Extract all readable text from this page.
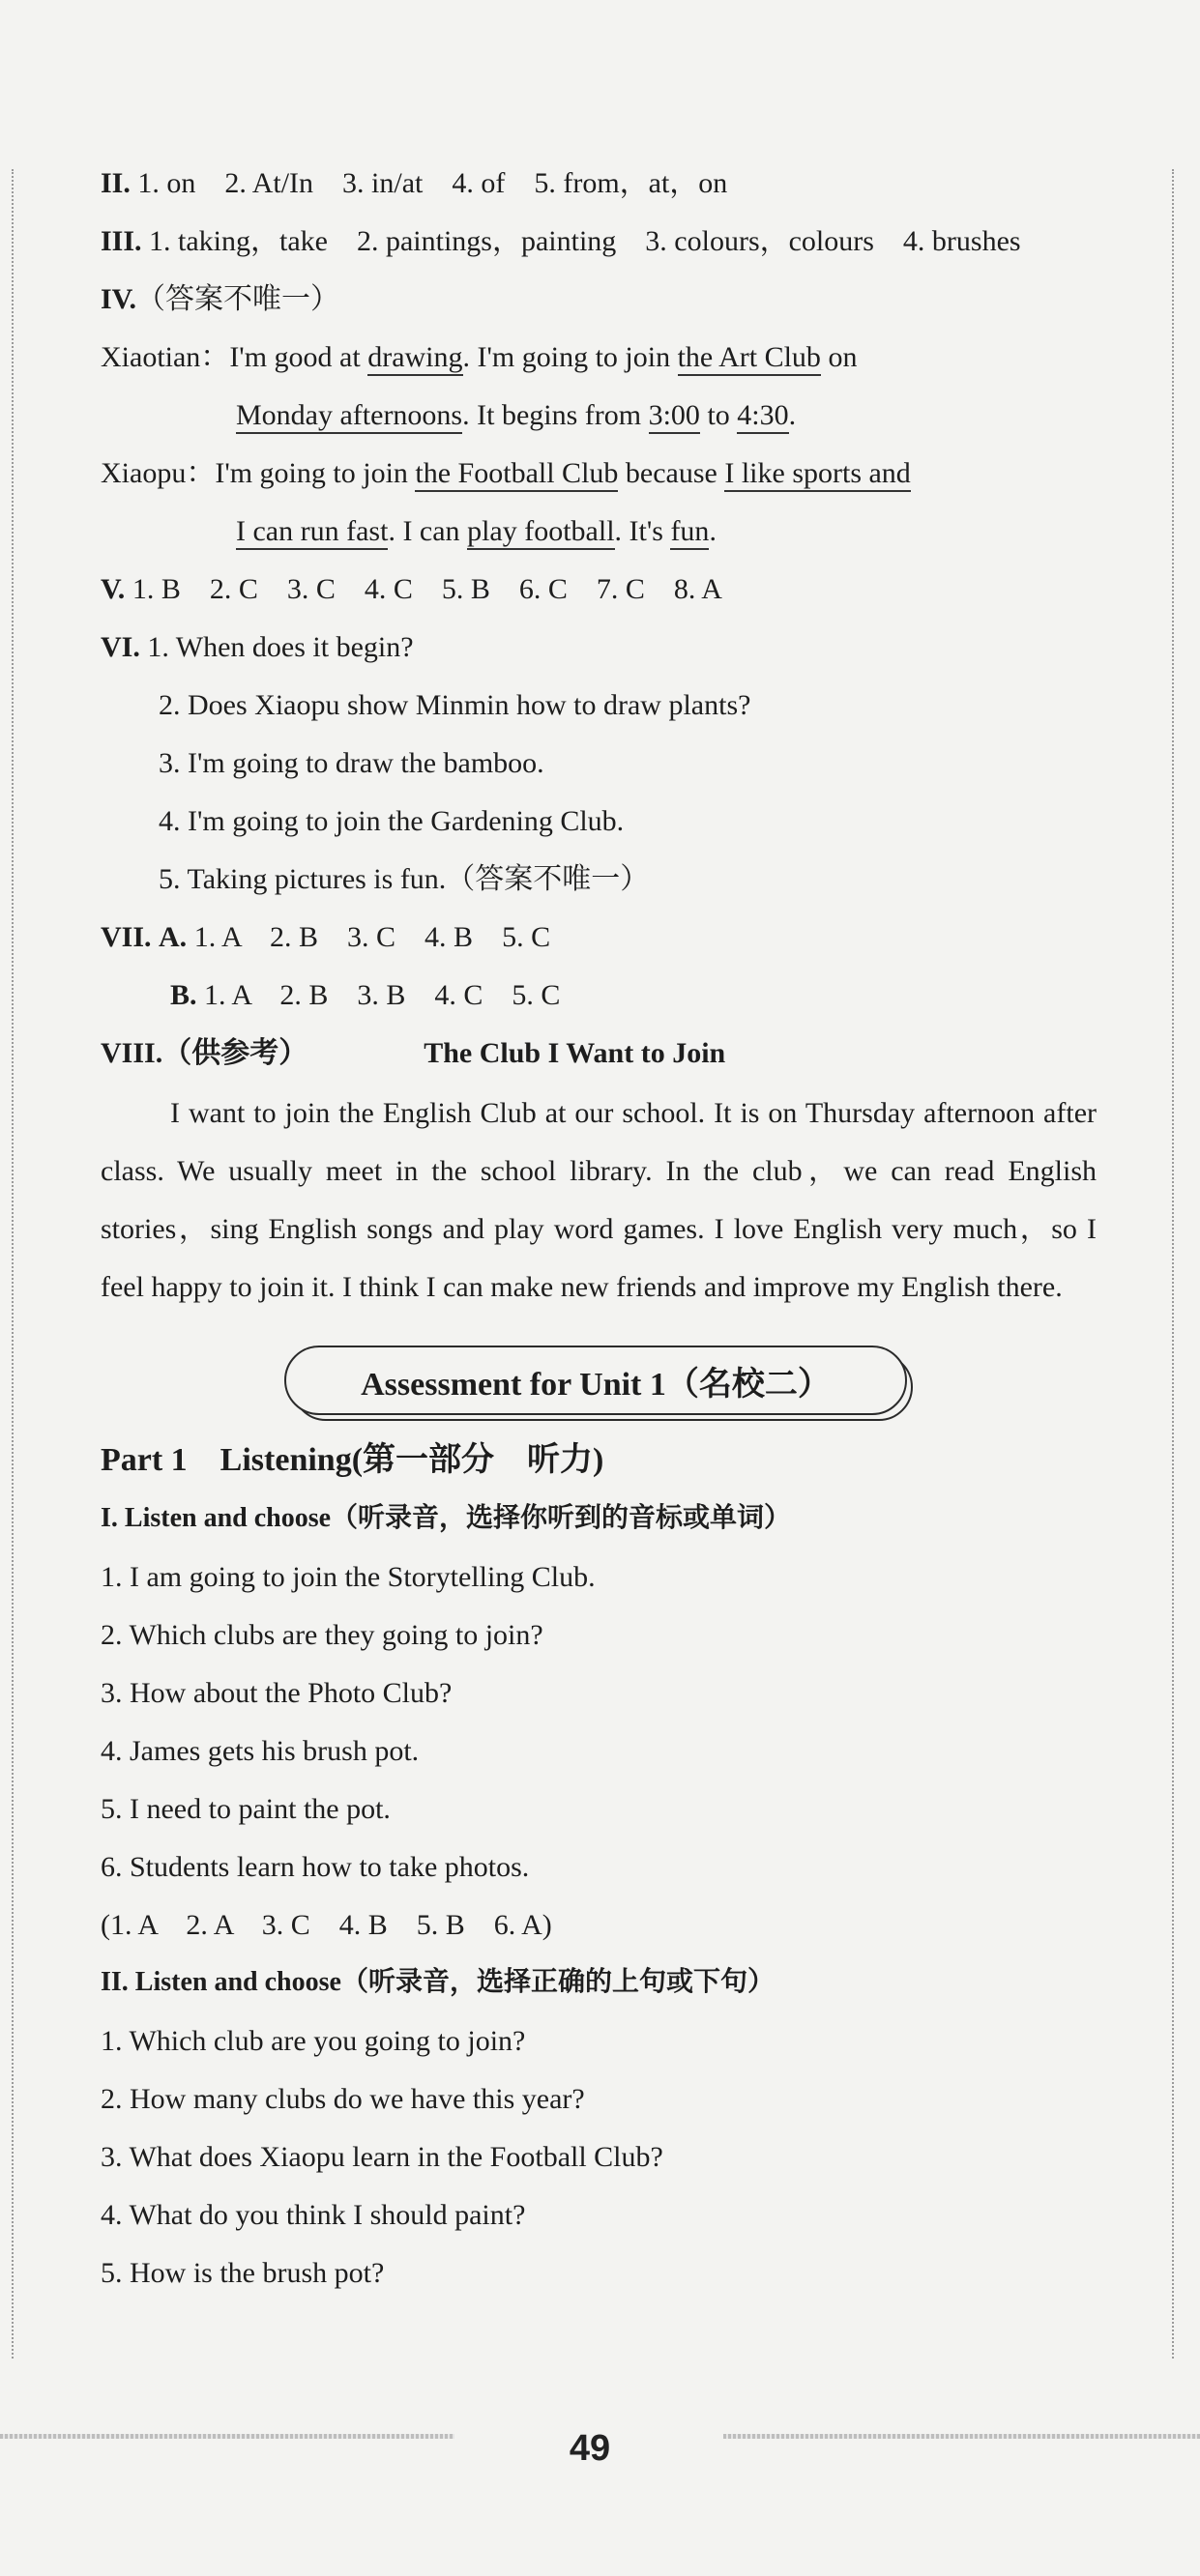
II. 1. on　2. At/In　3. in/at　4. of　5. from，at，on
III. 1. taking，take　2. paintings，painting　3. colours，colours　4. brushes
IV.（答案不唯一）
Xiaotian：I'm good at drawing. I'm going to join the Art Club on
Monday afternoons. It begins from 3:00 to 4:30.
Xiaopu：I'm going to join the Football Club because I like sports and
I can run fast. I can play football. It's fun.
V. 1. B　2. C　3. C　4. C　5. B　6. C　7. C　8. A
VI. 1. When does it begin?
2. Does Xiaopu show Minmin how to draw plants?
3. I'm going to draw the bamboo.
4. I'm going to join the Gardening Club.
5. Taking pictures is fun.（答案不唯一）
VII. A. 1. A　2. B　3. C　4. B　5. C
B. 1. A　2. B　3. B　4. C　5. C
VIII.（供参考）	The Club I Want to Join

I want to join the English Club at our school. It is on Thursday afternoon after class. We usually meet in the school library. In the club，we can read English stories，sing English songs and play word games. I love English very much，so I feel happy to join it. I think I can make new friends and improve my English there.

Assessment for Unit 1（名校二）
Part 1　Listening(第一部分　听力)
I. Listen and choose（听录音，选择你听到的音标或单词）
1. I am going to join the Storytelling Club.
2. Which clubs are they going to join?
3. How about the Photo Club?
4. James gets his brush pot.
5. I need to paint the pot.
6. Students learn how to take photos.
(1. A　2. A　3. C　4. B　5. B　6. A)
II. Listen and choose（听录音，选择正确的上句或下句）
1. Which club are you going to join?
2. How many clubs do we have this year?
3. What does Xiaopu learn in the Football Club?
4. What do you think I should paint?
5. How is the brush pot?
49
